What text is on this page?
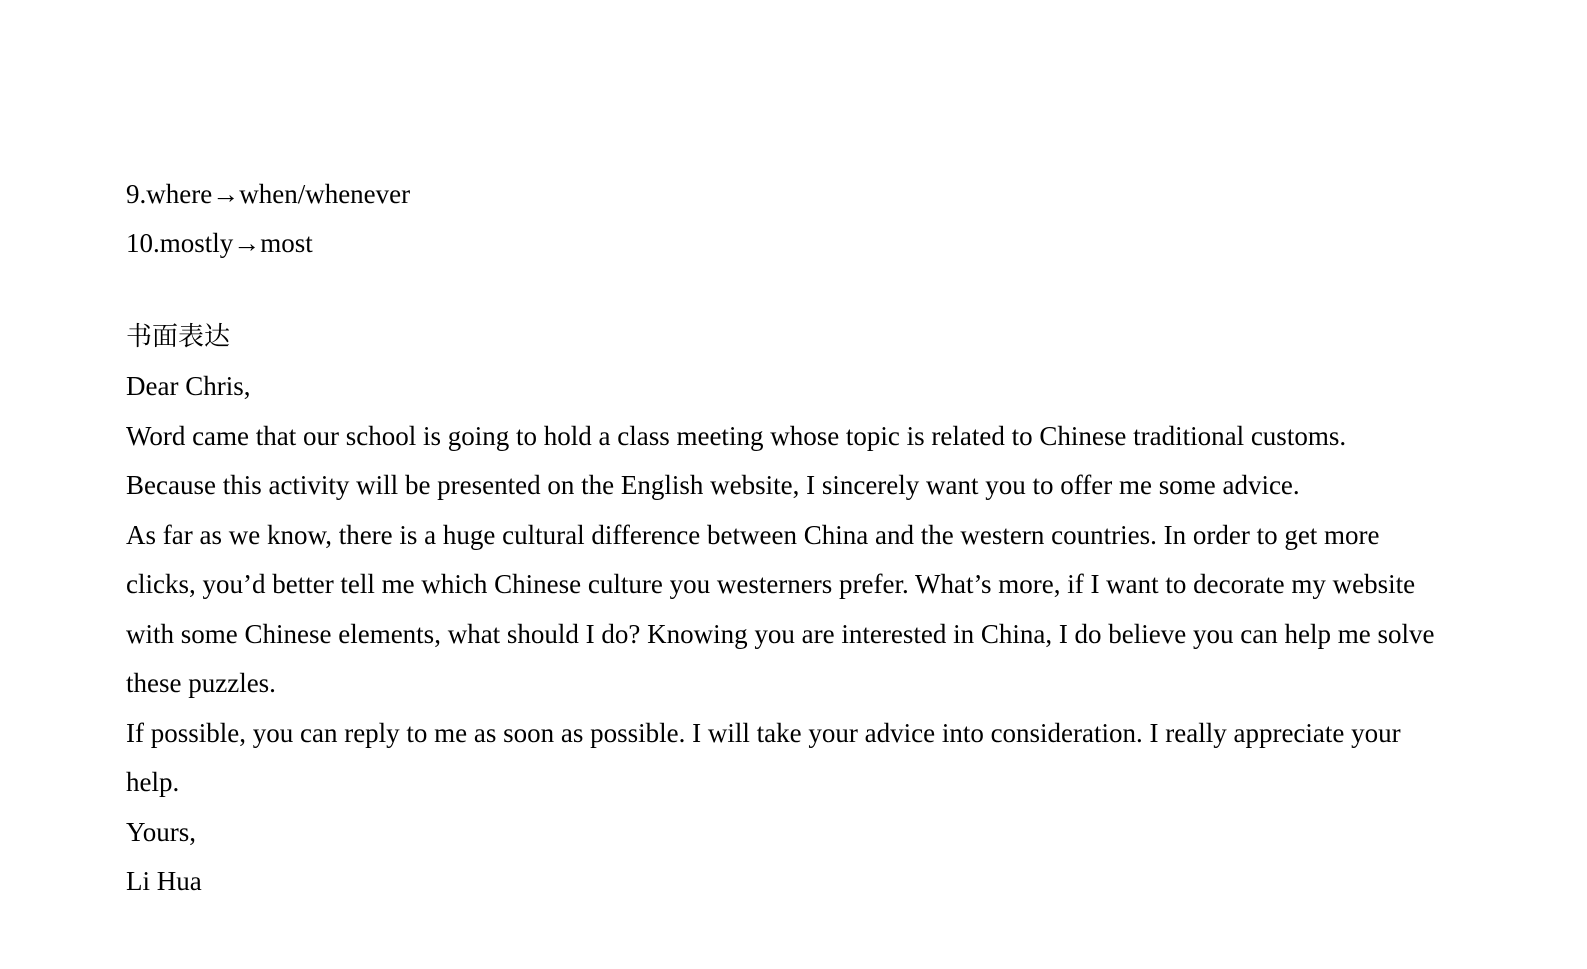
9.where→when/whenever
10.mostly→most
书面表达
Dear Chris,
Word came that our school is going to hold a class meeting whose topic is related to Chinese traditional customs.
Because this activity will be presented on the English website, I sincerely want you to offer me some advice.
As far as we know, there is a huge cultural difference between China and the western countries. In order to get more clicks, you’d better tell me which Chinese culture you westerners prefer. What’s more, if I want to decorate my website with some Chinese elements, what should I do? Knowing you are interested in China, I do believe you can help me solve these puzzles.
If possible, you can reply to me as soon as possible. I will take your advice into consideration. I really appreciate your help.
Yours,
Li Hua
